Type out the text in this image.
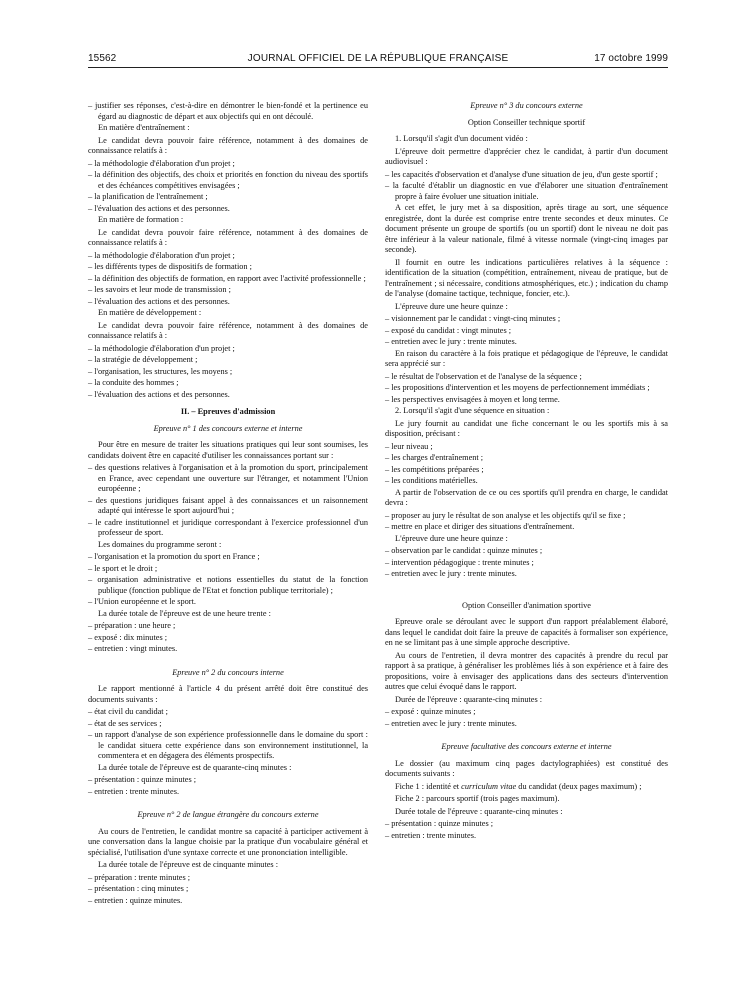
15562	JOURNAL OFFICIEL DE LA RÉPUBLIQUE FRANÇAISE	17 octobre 1999
– justifier ses réponses, c'est-à-dire en démontrer le bien-fondé et la pertinence eu égard au diagnostic de départ et aux objectifs qui en ont découlé.
En matière d'entraînement :
Le candidat devra pouvoir faire référence, notamment à des domaines de connaissance relatifs à :
– la méthodologie d'élaboration d'un projet ;
– la définition des objectifs, des choix et priorités en fonction du niveau des sportifs et des échéances compétitives envisagées ;
– la planification de l'entraînement ;
– l'évaluation des actions et des personnes.
En matière de formation :
Le candidat devra pouvoir faire référence, notamment à des domaines de connaissance relatifs à :
– la méthodologie d'élaboration d'un projet ;
– les différents types de dispositifs de formation ;
– la définition des objectifs de formation, en rapport avec l'activité professionnelle ;
– les savoirs et leur mode de transmission ;
– l'évaluation des actions et des personnes.
En matière de développement :
Le candidat devra pouvoir faire référence, notamment à des domaines de connaissance relatifs à :
– la méthodologie d'élaboration d'un projet ;
– la stratégie de développement ;
– l'organisation, les structures, les moyens ;
– la conduite des hommes ;
– l'évaluation des actions et des personnes.
II. – Epreuves d'admission
Epreuve n° 1 des concours externe et interne
Pour être en mesure de traiter les situations pratiques qui leur sont soumises, les candidats doivent être en capacité d'utiliser les connaissances portant sur :
– des questions relatives à l'organisation et à la promotion du sport, principalement en France, avec cependant une ouverture sur l'étranger, et notamment l'Union européenne ;
– des questions juridiques faisant appel à des connaissances et un raisonnement adapté qui intéresse le sport aujourd'hui ;
– le cadre institutionnel et juridique correspondant à l'exercice professionnel d'un professeur de sport.
Les domaines du programme seront :
– l'organisation et la promotion du sport en France ;
– le sport et le droit ;
– organisation administrative et notions essentielles du statut de la fonction publique (fonction publique de l'Etat et fonction publique territoriale) ;
– l'Union européenne et le sport.
La durée totale de l'épreuve est de une heure trente :
– préparation : une heure ;
– exposé : dix minutes ;
– entretien : vingt minutes.
Epreuve n° 2 du concours interne
Le rapport mentionné à l'article 4 du présent arrêté doit être constitué des documents suivants :
– état civil du candidat ;
– état de ses services ;
– un rapport d'analyse de son expérience professionnelle dans le domaine du sport : le candidat situera cette expérience dans son environnement institutionnel, la commentera et en dégagera des éléments prospectifs.
La durée totale de l'épreuve est de quarante-cinq minutes :
– présentation : quinze minutes ;
– entretien : trente minutes.
Epreuve n° 2 de langue étrangère du concours externe
Au cours de l'entretien, le candidat montre sa capacité à participer activement à une conversation dans la langue choisie par la pratique d'un vocabulaire général et spécialisé, l'utilisation d'une syntaxe correcte et une prononciation intelligible.
La durée totale de l'épreuve est de cinquante minutes :
– préparation : trente minutes ;
– présentation : cinq minutes ;
– entretien : quinze minutes.
Epreuve n° 3 du concours externe
Option Conseiller technique sportif
1. Lorsqu'il s'agit d'un document vidéo :
L'épreuve doit permettre d'apprécier chez le candidat, à partir d'un document audiovisuel :
– les capacités d'observation et d'analyse d'une situation de jeu, d'un geste sportif ;
– la faculté d'établir un diagnostic en vue d'élaborer une situation d'entraînement propre à faire évoluer une situation initiale.
A cet effet, le jury met à sa disposition, après tirage au sort, une séquence enregistrée, dont la durée est comprise entre trente secondes et deux minutes. Ce document présente un groupe de sportifs (ou un sportif) dont le niveau ne doit pas être inférieur à la valeur nationale, filmé à vitesse normale (vingt-cinq images par seconde).
Il fournit en outre les indications particulières relatives à la séquence : identification de la situation (compétition, entraînement, niveau de pratique, but de l'entraînement ; si nécessaire, conditions atmosphériques, etc.) ; indication du champ de l'analyse (domaine tactique, technique, foncier, etc.).
L'épreuve dure une heure quinze :
– visionnement par le candidat : vingt-cinq minutes ;
– exposé du candidat : vingt minutes ;
– entretien avec le jury : trente minutes.
En raison du caractère à la fois pratique et pédagogique de l'épreuve, le candidat sera apprécié sur :
– le résultat de l'observation et de l'analyse de la séquence ;
– les propositions d'intervention et les moyens de perfectionnement immédiats ;
– les perspectives envisagées à moyen et long terme.
2. Lorsqu'il s'agit d'une séquence en situation :
Le jury fournit au candidat une fiche concernant le ou les sportifs mis à sa disposition, précisant :
– leur niveau ;
– les charges d'entraînement ;
– les compétitions préparées ;
– les conditions matérielles.
A partir de l'observation de ce ou ces sportifs qu'il prendra en charge, le candidat devra :
– proposer au jury le résultat de son analyse et les objectifs qu'il se fixe ;
– mettre en place et diriger des situations d'entraînement.
L'épreuve dure une heure quinze :
– observation par le candidat : quinze minutes ;
– intervention pédagogique : trente minutes ;
– entretien avec le jury : trente minutes.
Option Conseiller d'animation sportive
Epreuve orale se déroulant avec le support d'un rapport préalablement élaboré, dans lequel le candidat doit faire la preuve de capacités à formaliser son expérience, en ne se limitant pas à une simple approche descriptive.
Au cours de l'entretien, il devra montrer des capacités à prendre du recul par rapport à sa pratique, à généraliser les problèmes liés à son expérience et à faire des propositions, voire à envisager des applications dans des secteurs d'intervention autres que celui évoqué dans le rapport.
Durée de l'épreuve : quarante-cinq minutes :
– exposé : quinze minutes ;
– entretien avec le jury : trente minutes.
Epreuve facultative des concours externe et interne
Le dossier (au maximum cinq pages dactylographiées) est constitué des documents suivants :
Fiche 1 : identité et curriculum vitae du candidat (deux pages maximum) ;
Fiche 2 : parcours sportif (trois pages maximum).
Durée totale de l'épreuve : quarante-cinq minutes :
– présentation : quinze minutes ;
– entretien : trente minutes.
